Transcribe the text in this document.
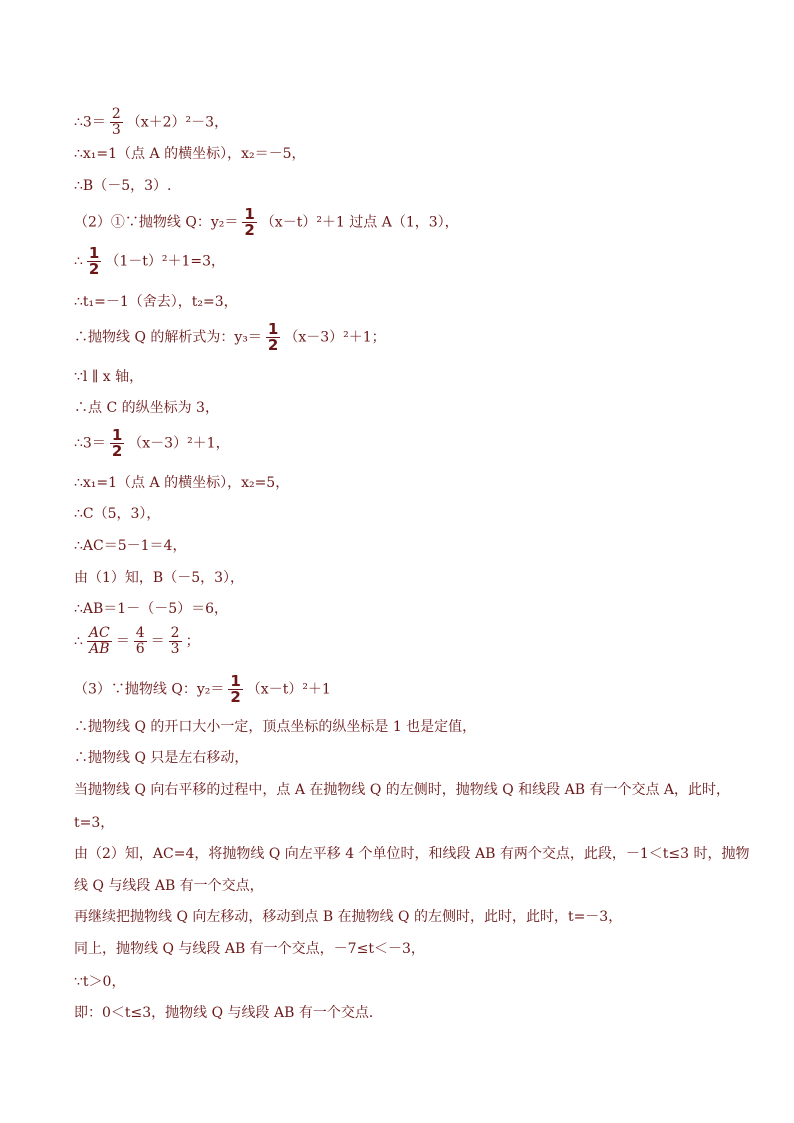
∴3＝ $\frac{2}{3} (x+2)^2-3$，
∴x₁=1（点 A 的横坐标），x₂＝－5，
∴B（－5，3）.
（2）①∵抛物线 Q：$y_2= \frac{1}{2} (x-t)^2+1$ 过点 A（1，3），
∴ $\frac{1}{2} (1-t)^2+1=3$，
∴t₁=－1（舍去），t₂=3，
∴抛物线 Q 的解析式为：$y_3= \frac{1}{2} (x-3)^2+1$；
∵l ∥ x 轴，
∴点 C 的纵坐标为 3，
∴3＝ $\frac{1}{2} (x-3)^2+1$，
∴x₁=1（点 A 的横坐标），x₂=5，
∴C（5，3），
∴AC＝5－1＝4，
由（1）知，B（－5，3），
∴AB＝1－（－5）＝6，
∴ $\frac{AC}{AB} = \frac{4}{6} = \frac{2}{3}$ ；
（3）∵抛物线 Q：$y_2= \frac{1}{2} (x-t)^2+1$
∴抛物线 Q 的开口大小一定，顶点坐标的纵坐标是 1 也是定值，
∴抛物线 Q 只是左右移动，
当抛物线 Q 向右平移的过程中，点 A 在抛物线 Q 的左侧时，抛物线 Q 和线段 AB 有一个交点 A，此时，
t=3，
由（2）知，AC=4，将抛物线 Q 向左平移 4 个单位时，和线段 AB 有两个交点，此段，－1＜t≤3 时，抛物
线 Q 与线段 AB 有一个交点，
再继续把抛物线 Q 向左移动，移动到点 B 在抛物线 Q 的左侧时，此时，此时，t=－3，
同上，抛物线 Q 与线段 AB 有一个交点，－7≤t＜－3，
∵t＞0，
即：0＜t≤3，抛物线 Q 与线段 AB 有一个交点．
